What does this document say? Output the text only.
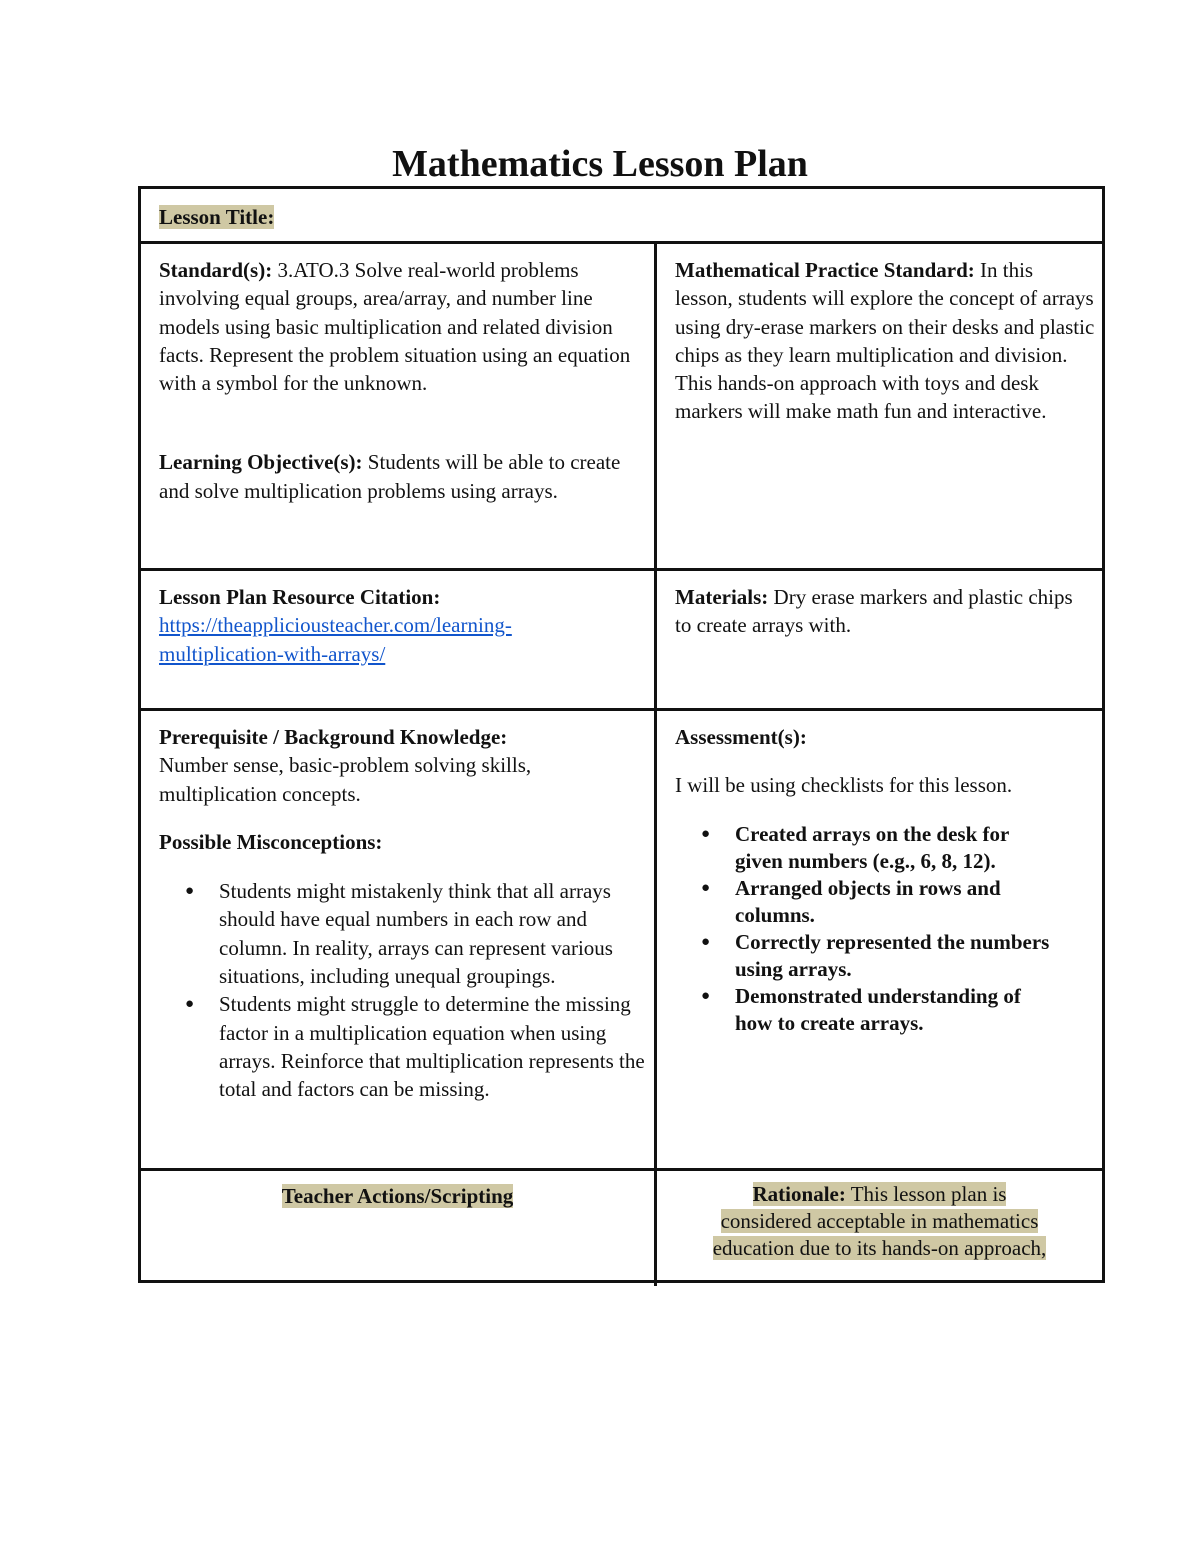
Mathematics Lesson Plan
Lesson Title:

Standard(s): 3.ATO.3 Solve real-world problems involving equal groups, area/array, and number line models using basic multiplication and related division facts. Represent the problem situation using an equation with a symbol for the unknown.

Learning Objective(s): Students will be able to create and solve multiplication problems using arrays.

Mathematical Practice Standard: In this lesson, students will explore the concept of arrays using dry-erase markers on their desks and plastic chips as they learn multiplication and division. This hands-on approach with toys and desk markers will make math fun and interactive.

Lesson Plan Resource Citation:

https://theappliciousteacher.com/learning-

multiplication-with-arrays/

Materials: Dry erase markers and plastic chips to create arrays with.

Prerequisite / Background Knowledge:

Number sense, basic-problem solving skills, multiplication concepts.

Possible Misconceptions:

● Students might mistakenly think that all arrays should have equal numbers in each row and column. In reality, arrays can represent various situations, including unequal groupings.
● Students might struggle to determine the missing factor in a multiplication equation when using arrays. Reinforce that multiplication represents the total and factors can be missing.

Assessment(s):

I will be using checklists for this lesson.

● Created arrays on the desk for given numbers (e.g., 6, 8, 12).
● Arranged objects in rows and columns.
● Correctly represented the numbers using arrays.
● Demonstrated understanding of how to create arrays.
Teacher Actions/Scripting	Rationale: This lesson plan is

considered acceptable in mathematics

education due to its hands-on approach,
